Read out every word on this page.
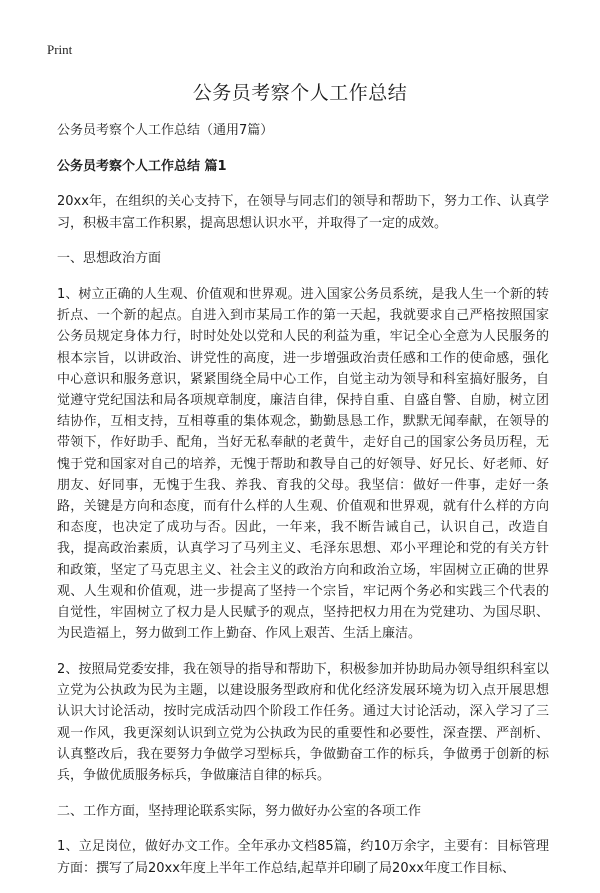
Print
公务员考察个人工作总结

公务员考察个人工作总结（通用7篇）

公务员考察个人工作总结 篇1

20xx年，在组织的关心支持下，在领导与同志们的领导和帮助下，努力工作、认真学习，积极丰富工作积累，提高思想认识水平，并取得了一定的成效。

一、思想政治方面

1、树立正确的人生观、价值观和世界观。进入国家公务员系统，是我人生一个新的转折点、一个新的起点。自进入到市某局工作的第一天起，我就要求自己严格按照国家公务员规定身体力行，时时处处以党和人民的利益为重，牢记全心全意为人民服务的根本宗旨，以讲政治、讲党性的高度，进一步增强政治责任感和工作的使命感，强化中心意识和服务意识，紧紧围绕全局中心工作，自觉主动为领导和科室搞好服务，自觉遵守党纪国法和局各项规章制度，廉洁自律，保持自重、自盛自警、自励，树立团结协作，互相支持，互相尊重的集体观念，勤勤恳恳工作，默默无闻奉献，在领导的带领下，作好助手、配角，当好无私奉献的老黄牛，走好自己的国家公务员历程，无愧于党和国家对自己的培养，无愧于帮助和教导自己的好领导、好兄长、好老师、好朋友、好同事，无愧于生我、养我、育我的父母。我坚信：做好一件事，走好一条路，关键是方向和态度，而有什么样的人生观、价值观和世界观，就有什么样的方向和态度，也决定了成功与否。因此，一年来，我不断告诫自己，认识自己，改造自我，提高政治素质，认真学习了马列主义、毛泽东思想、邓小平理论和党的有关方针和政策，坚定了马克思主义、社会主义的政治方向和政治立场，牢固树立正确的世界观、人生观和价值观，进一步提高了坚持一个宗旨，牢记两个务必和实践三个代表的自觉性，牢固树立了权力是人民赋予的观点，坚持把权力用在为党建功、为国尽职、为民造福上，努力做到工作上勤奋、作风上艰苦、生活上廉洁。

2、按照局党委安排，我在领导的指导和帮助下，积极参加并协助局办领导组织科室以立党为公执政为民为主题，以建设服务型政府和优化经济发展环境为切入点开展思想认识大讨论活动，按时完成活动四个阶段工作任务。通过大讨论活动，深入学习了三观一作风，我更深刻认识到立党为公执政为民的重要性和必要性，深查摆、严剖析、认真整改后，我在要努力争做学习型标兵，争做勤奋工作的标兵，争做勇于创新的标兵，争做优质服务标兵，争做廉洁自律的标兵。

二、工作方面，坚持理论联系实际，努力做好办公室的各项工作

1、立足岗位，做好办文工作。全年承办文档85篇，约10万余字，主要有：目标管理方面：撰写了局20xx年度上半年工作总结,起草并印刷了局20xx年度工作目标、
